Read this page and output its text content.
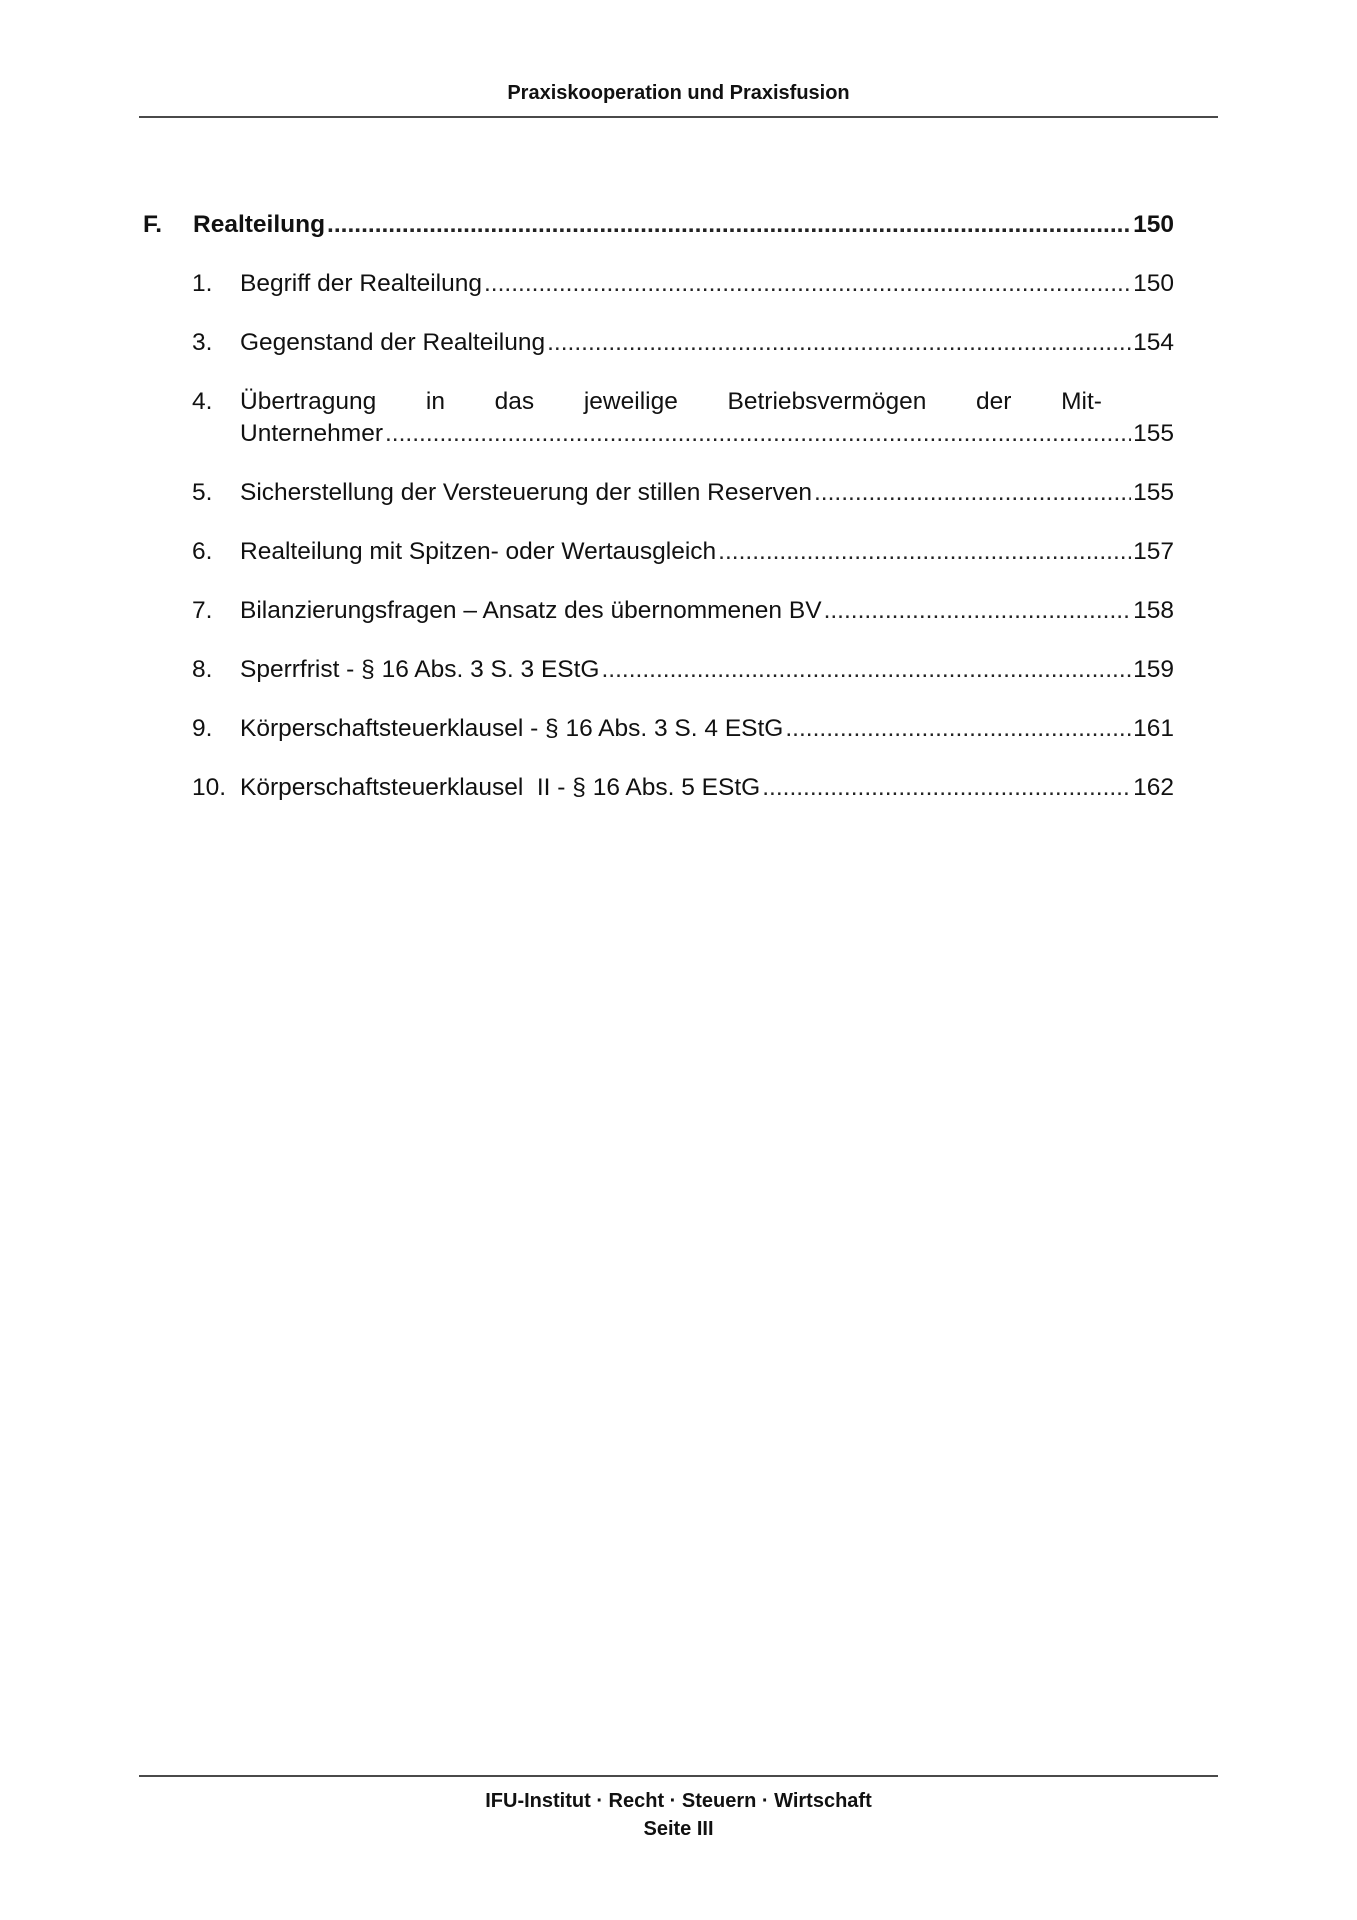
Praxiskooperation und Praxisfusion
F.	Realteilung .....	150
1.	Begriff der Realteilung .....	150
3.	Gegenstand der Realteilung .....	154
4.	Übertragung in das jeweilige Betriebsvermögen der Mit-
Unternehmer .....	155
5.	Sicherstellung der Versteuerung der stillen Reserven .....	155
6.	Realteilung mit Spitzen- oder Wertausgleich .....	157
7.	Bilanzierungsfragen – Ansatz des übernommenen BV .....	158
8.	Sperrfrist - § 16 Abs. 3 S. 3 EStG .....	159
9.	Körperschaftsteuerklausel - § 16 Abs. 3 S. 4 EStG .....	161
10. Körperschaftsteuerklausel  II - § 16 Abs. 5 EStG .....	162
IFU-Institut · Recht · Steuern · Wirtschaft
Seite III
